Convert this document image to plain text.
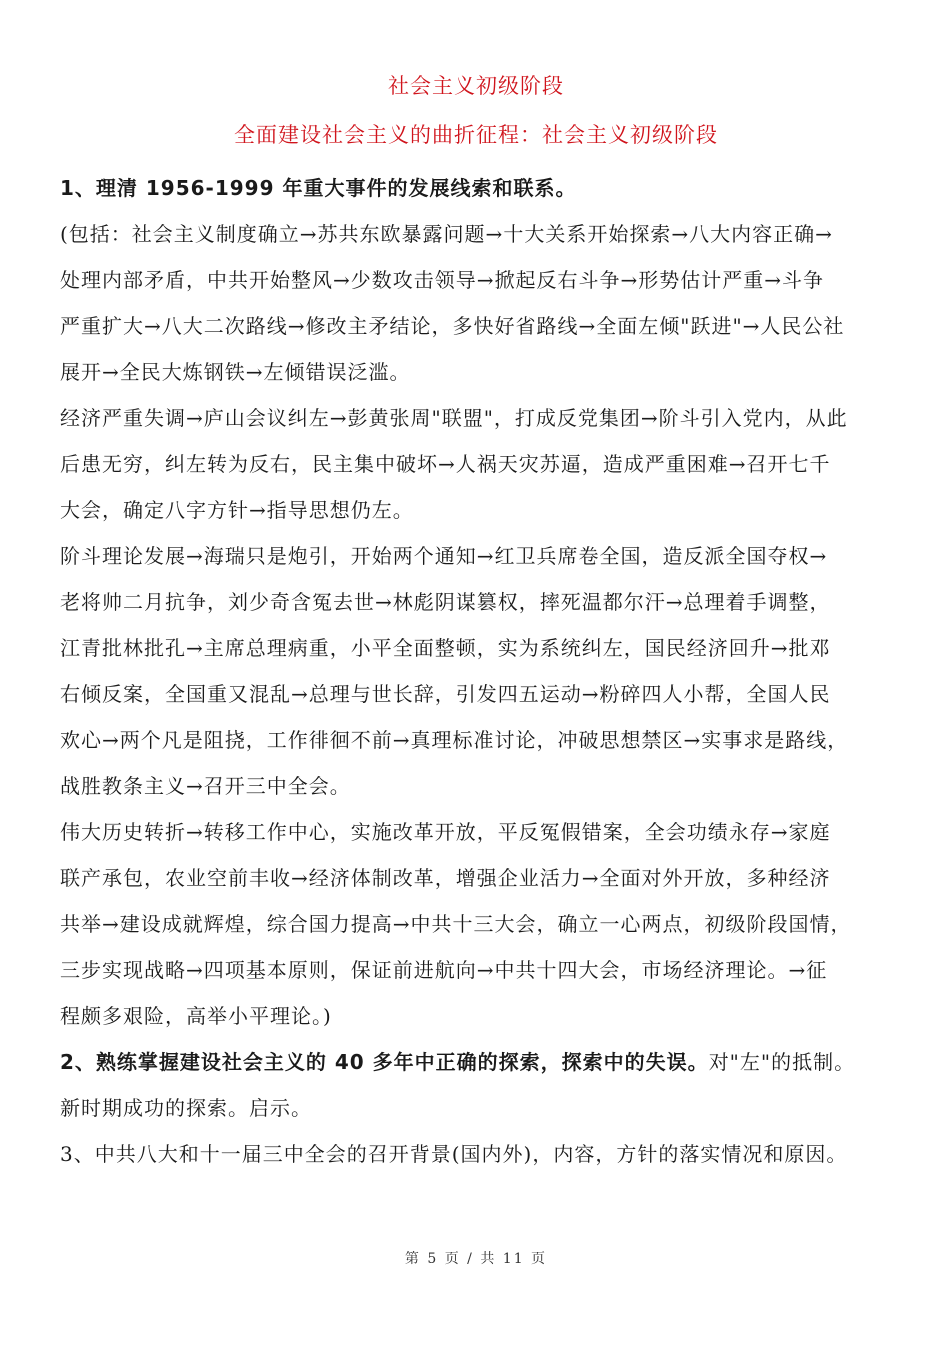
社会主义初级阶段
全面建设社会主义的曲折征程：社会主义初级阶段
1、理清 1956-1999 年重大事件的发展线索和联系。
(包括：社会主义制度确立→苏共东欧暴露问题→十大关系开始探索→八大内容正确→
处理内部矛盾，中共开始整风→少数攻击领导→掀起反右斗争→形势估计严重→斗争
严重扩大→八大二次路线→修改主矛结论，多快好省路线→全面左倾"跃进"→人民公社
展开→全民大炼钢铁→左倾错误泛滥。
经济严重失调→庐山会议纠左→彭黄张周"联盟"，打成反党集团→阶斗引入党内，从此
后患无穷，纠左转为反右，民主集中破坏→人祸天灾苏逼，造成严重困难→召开七千
大会，确定八字方针→指导思想仍左。
阶斗理论发展→海瑞只是炮引，开始两个通知→红卫兵席卷全国，造反派全国夺权→
老将帅二月抗争，刘少奇含冤去世→林彪阴谋篡权，摔死温都尔汗→总理着手调整，
江青批林批孔→主席总理病重，小平全面整顿，实为系统纠左，国民经济回升→批邓
右倾反案，全国重又混乱→总理与世长辞，引发四五运动→粉碎四人小帮，全国人民
欢心→两个凡是阻挠，工作徘徊不前→真理标准讨论，冲破思想禁区→实事求是路线，
战胜教条主义→召开三中全会。
伟大历史转折→转移工作中心，实施改革开放，平反冤假错案，全会功绩永存→家庭
联产承包，农业空前丰收→经济体制改革，增强企业活力→全面对外开放，多种经济
共举→建设成就辉煌，综合国力提高→中共十三大会，确立一心两点，初级阶段国情，
三步实现战略→四项基本原则，保证前进航向→中共十四大会，市场经济理论。→征
程颇多艰险，高举小平理论。)
2、熟练掌握建设社会主义的 40 多年中正确的探索，探索中的失误。对"左"的抵制。
新时期成功的探索。启示。
3、中共八大和十一届三中全会的召开背景(国内外)，内容，方针的落实情况和原因。
第 5 页 / 共 11 页
